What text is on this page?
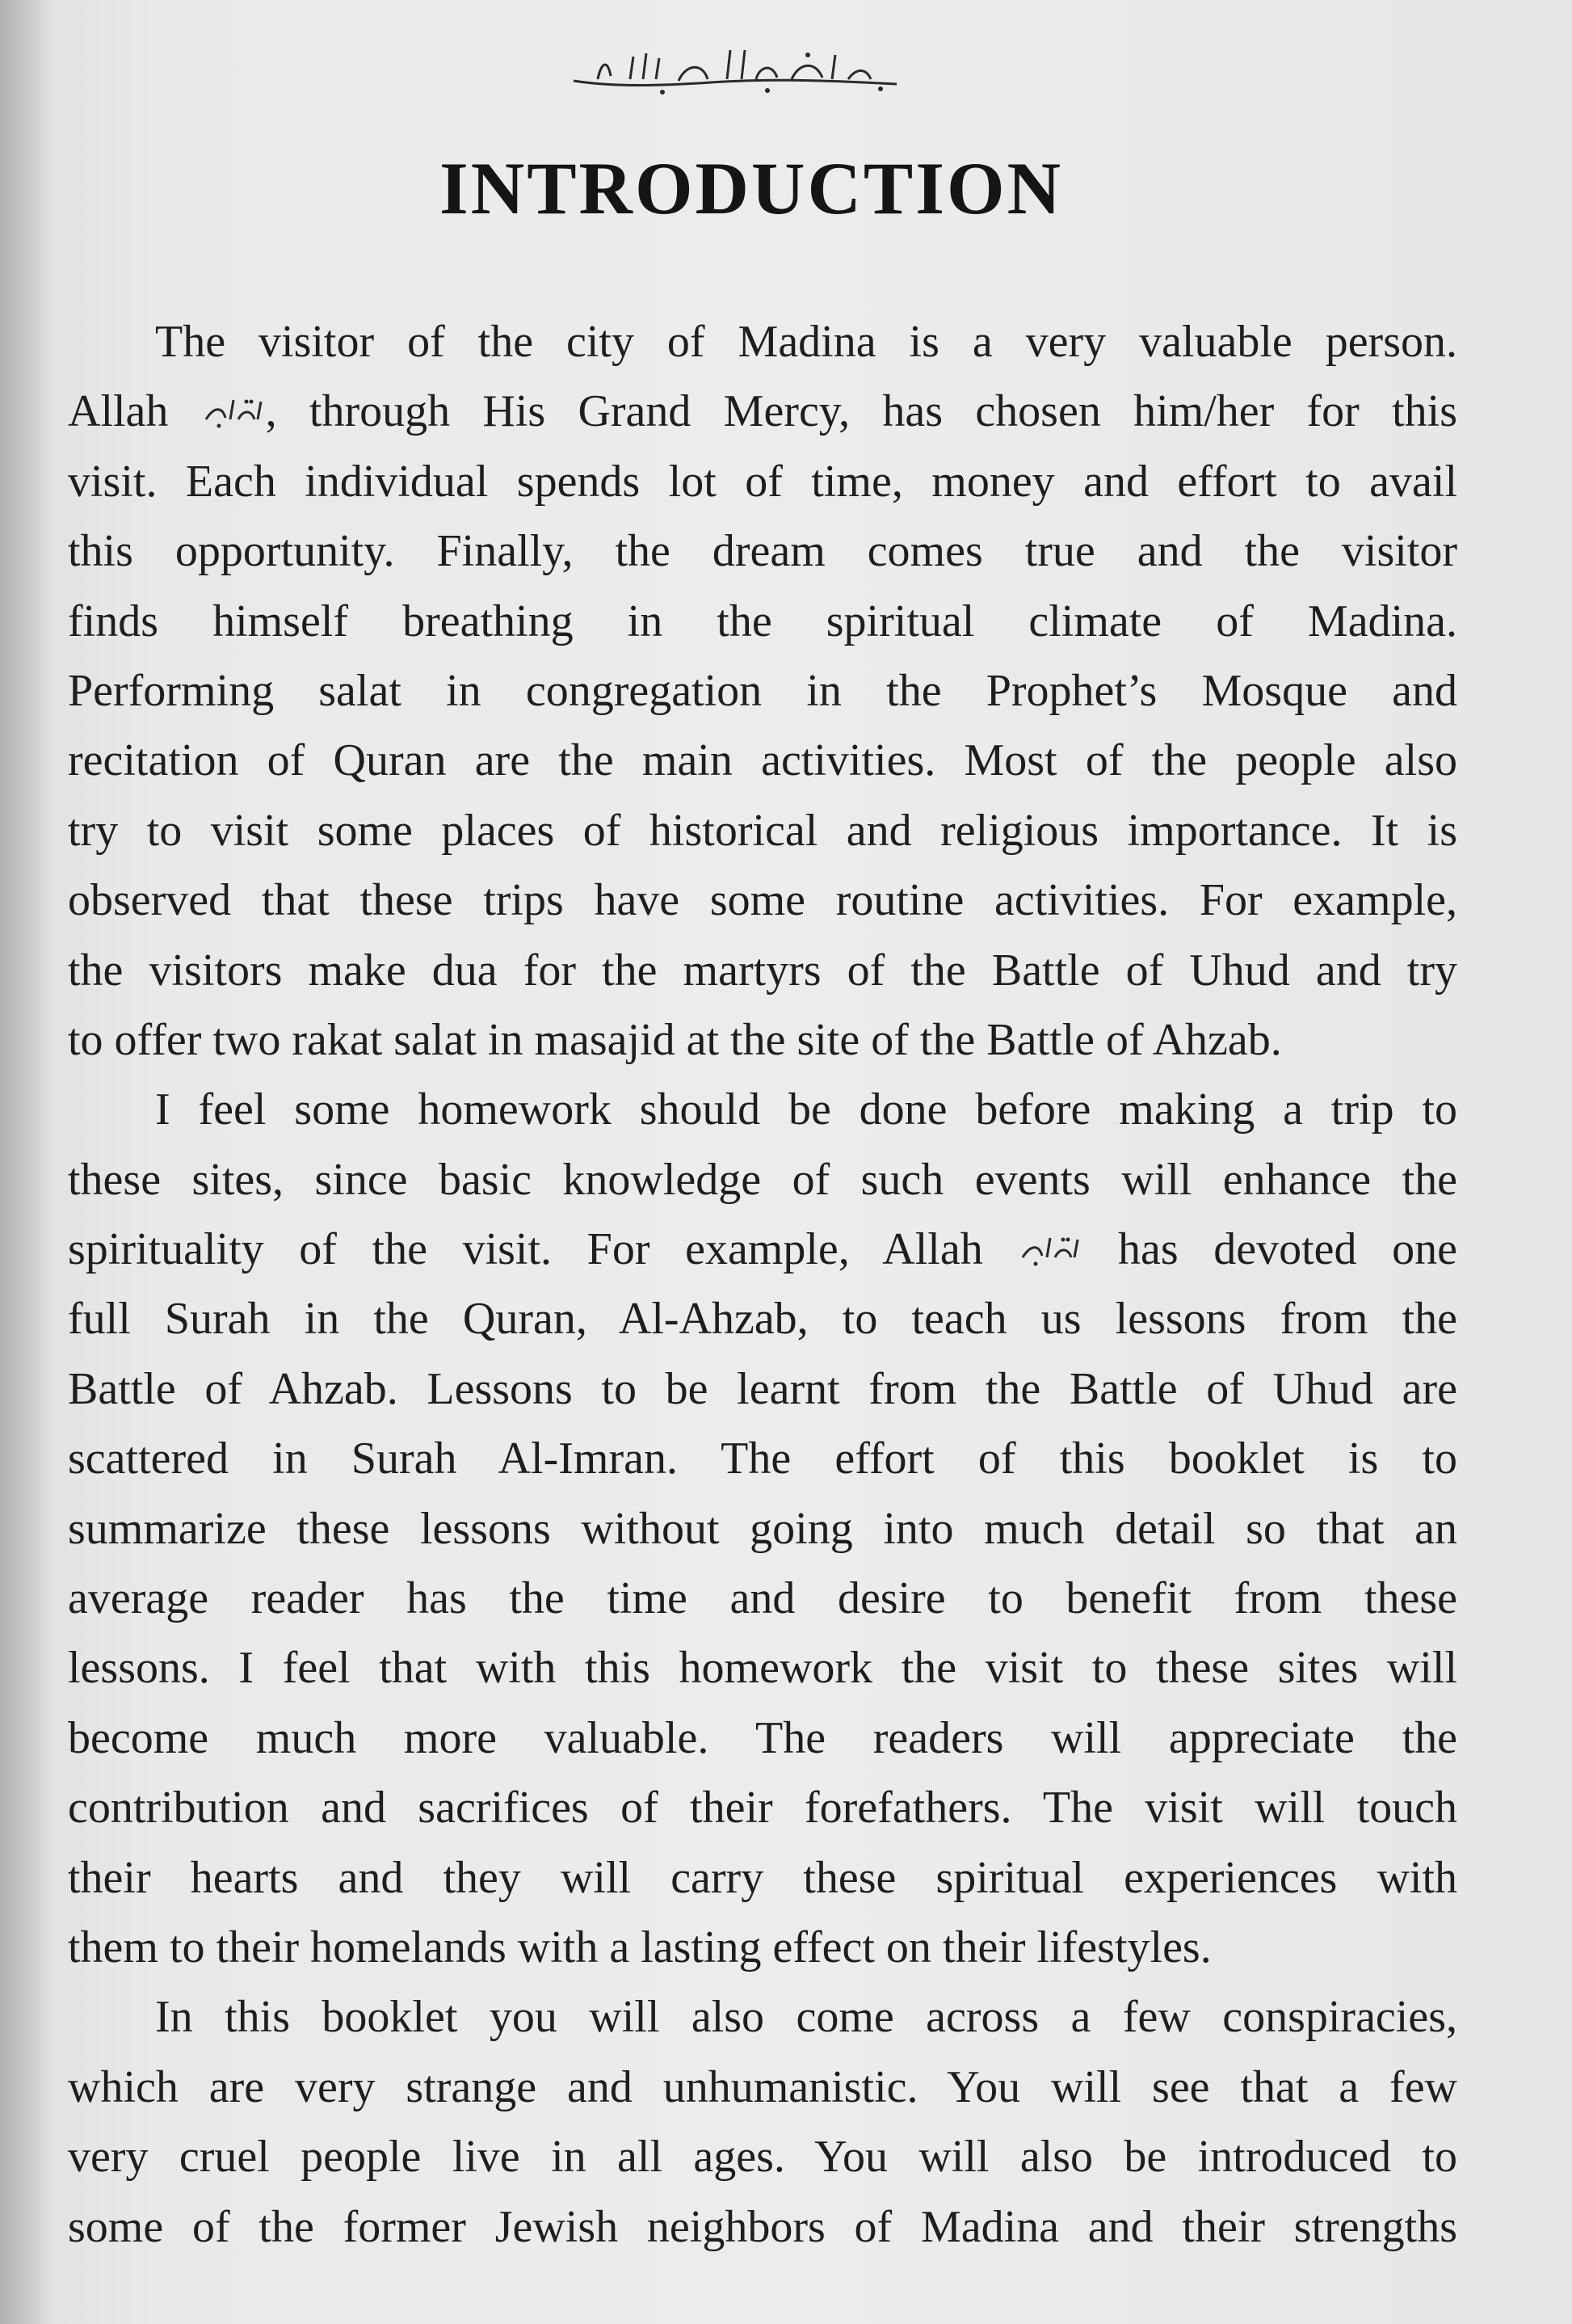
INTRODUCTION
The visitor of the city of Madina is a very valuable person.
Allah , through His Grand Mercy, has chosen him/her for this
visit. Each individual spends lot of time, money and effort to avail
this opportunity. Finally, the dream comes true and the visitor
finds himself breathing in the spiritual climate of Madina.
Performing salat in congregation in the Prophet’s Mosque and
recitation of Quran are the main activities. Most of the people also
try to visit some places of historical and religious importance. It is
observed that these trips have some routine activities. For example,
the visitors make dua for the martyrs of the Battle of Uhud and try
to offer two rakat salat in masajid at the site of the Battle of Ahzab.
I feel some homework should be done before making a trip to
these sites, since basic knowledge of such events will enhance the
spirituality of the visit. For example, Allah  has devoted one
full Surah in the Quran, Al-Ahzab, to teach us lessons from the
Battle of Ahzab. Lessons to be learnt from the Battle of Uhud are
scattered in Surah Al-Imran. The effort of this booklet is to
summarize these lessons without going into much detail so that an
average reader has the time and desire to benefit from these
lessons. I feel that with this homework the visit to these sites will
become much more valuable. The readers will appreciate the
contribution and sacrifices of their forefathers. The visit will touch
their hearts and they will carry these spiritual experiences with
them to their homelands with a lasting effect on their lifestyles.
In this booklet you will also come across a few conspiracies,
which are very strange and unhumanistic. You will see that a few
very cruel people live in all ages. You will also be introduced to
some of the former Jewish neighbors of Madina and their strengths
